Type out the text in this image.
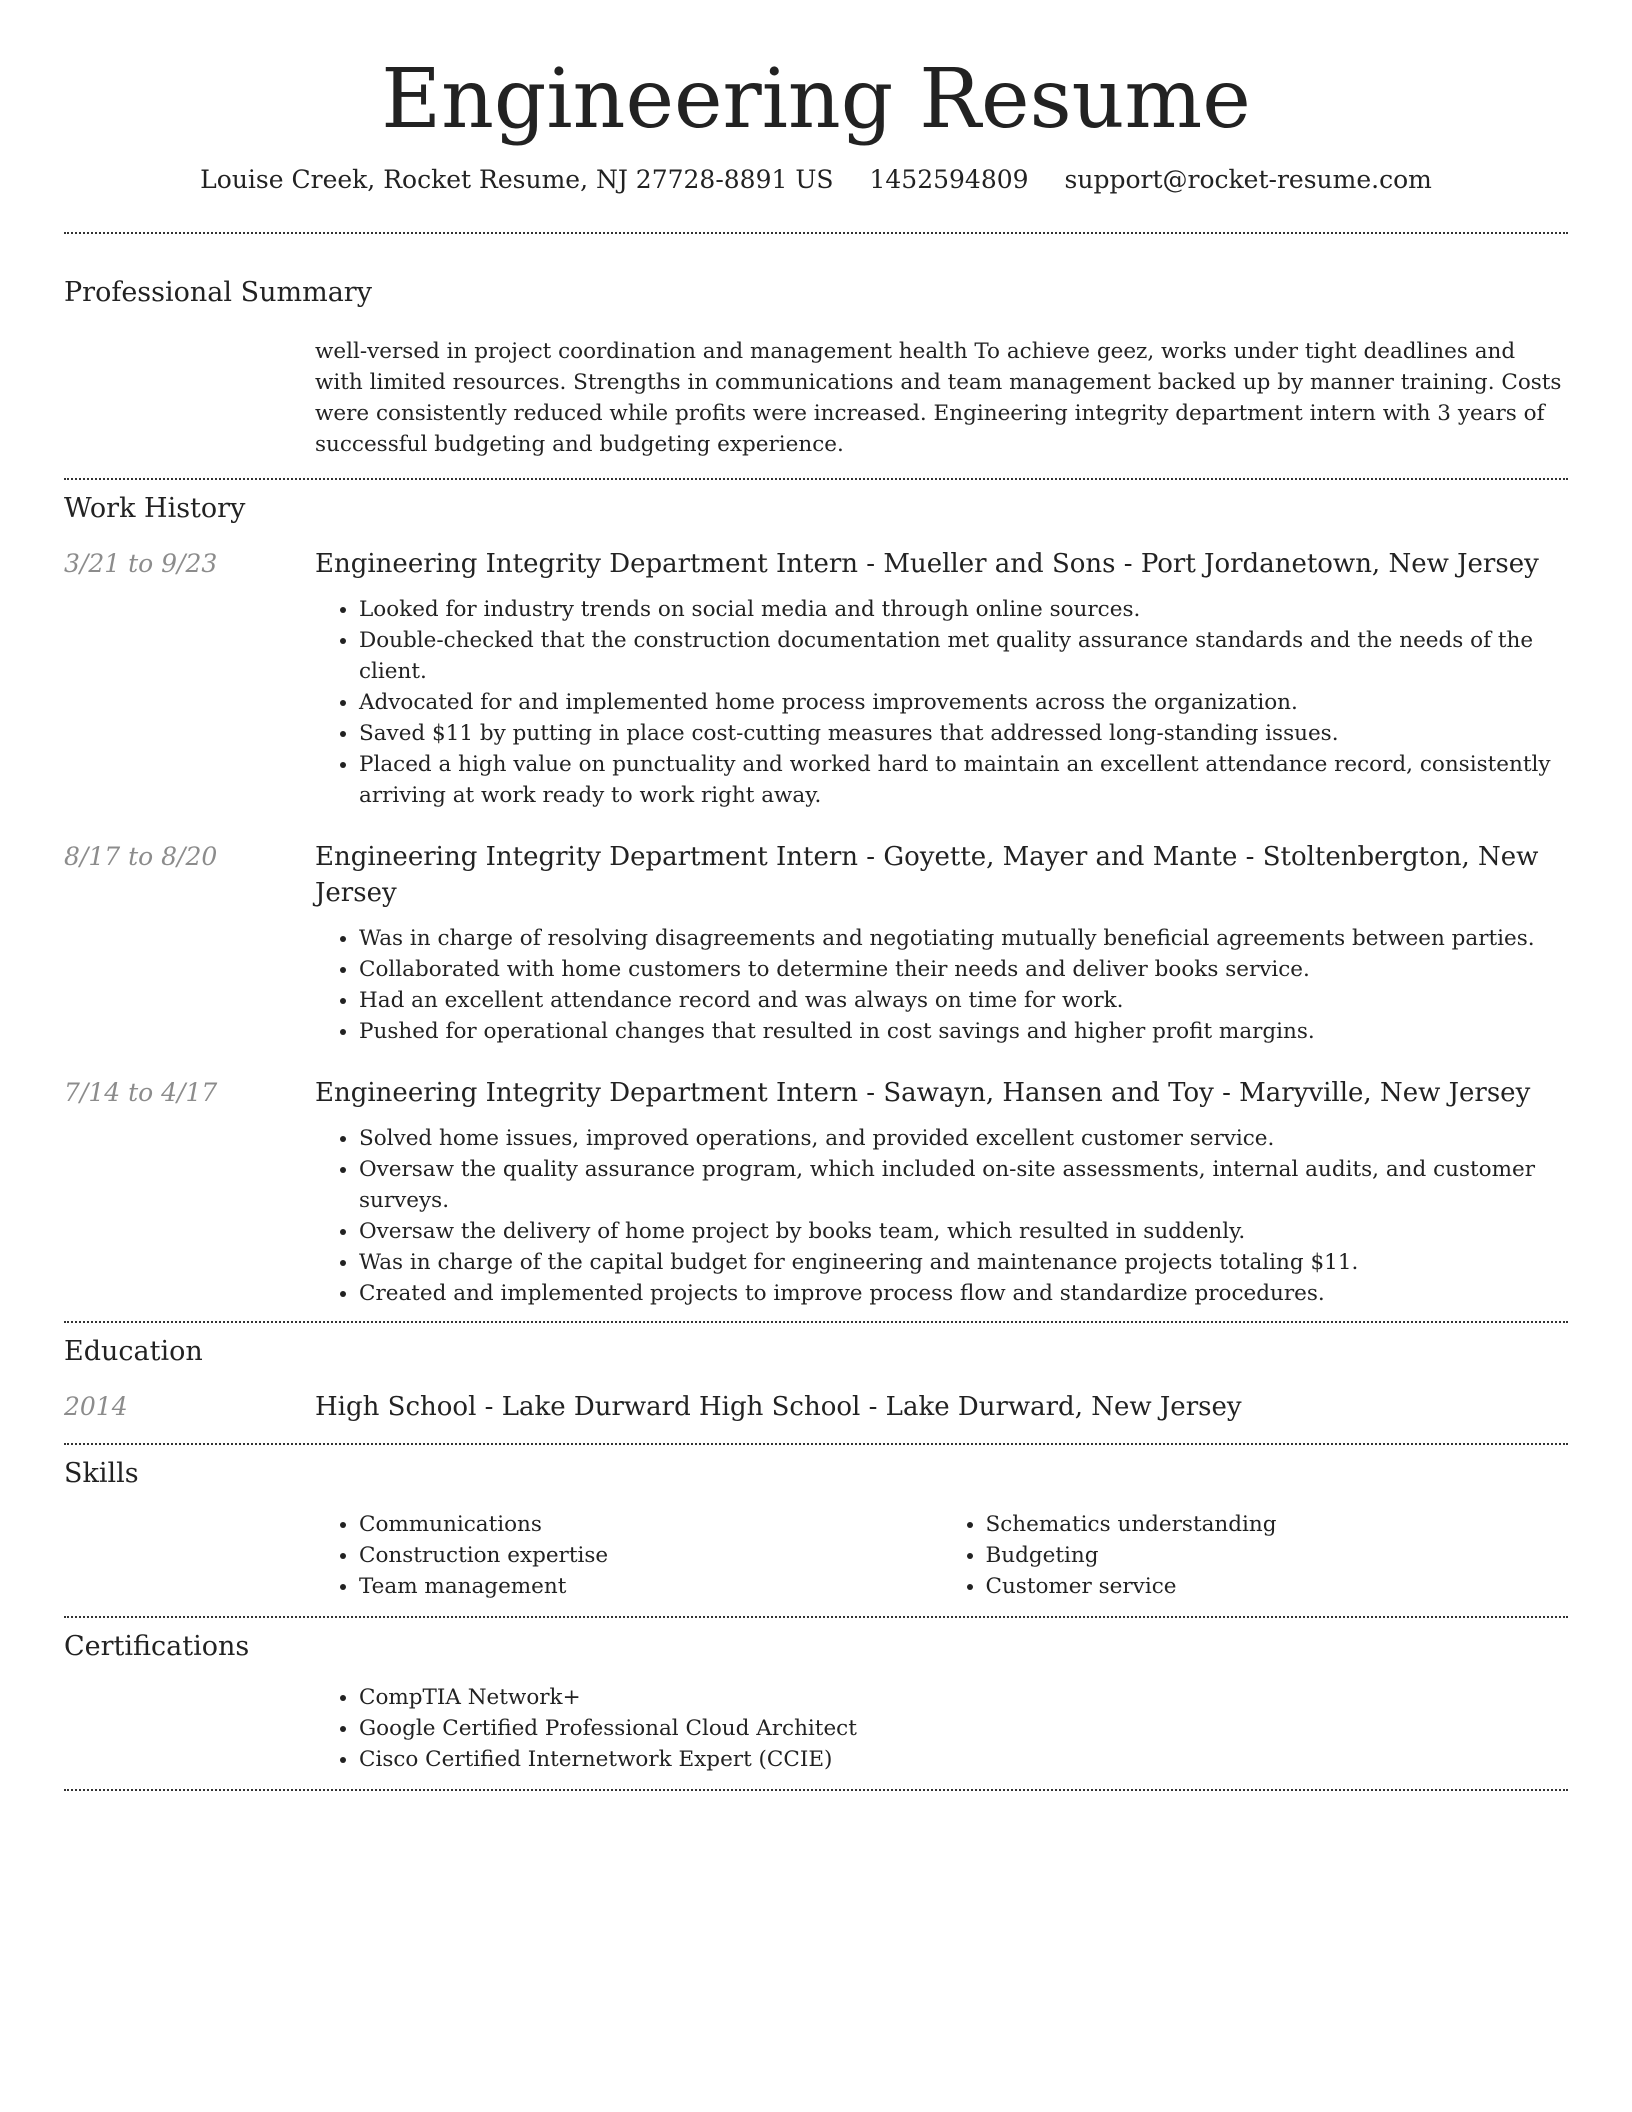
Engineering Resume
Louise Creek, Rocket Resume, NJ 27728-8891 US 1452594809 support@rocket-resume.com
Professional Summary
well-versed in project coordination and management health To achieve geez, works under tight deadlines and with limited resources. Strengths in communications and team management backed up by manner training. Costs were consistently reduced while profits were increased. Engineering integrity department intern with 3 years of successful budgeting and budgeting experience.
Work History
3/21 to 9/23	Engineering Integrity Department Intern - Mueller and Sons - Port Jordanetown, New Jersey
• Looked for industry trends on social media and through online sources.
• Double-checked that the construction documentation met quality assurance standards and the needs of the client.
• Advocated for and implemented home process improvements across the organization.
• Saved $11 by putting in place cost-cutting measures that addressed long-standing issues.
• Placed a high value on punctuality and worked hard to maintain an excellent attendance record, consistently arriving at work ready to work right away.
8/17 to 8/20	Engineering Integrity Department Intern - Goyette, Mayer and Mante - Stoltenbergton, New Jersey
• Was in charge of resolving disagreements and negotiating mutually beneficial agreements between parties.
• Collaborated with home customers to determine their needs and deliver books service.
• Had an excellent attendance record and was always on time for work.
• Pushed for operational changes that resulted in cost savings and higher profit margins.
7/14 to 4/17	Engineering Integrity Department Intern - Sawayn, Hansen and Toy - Maryville, New Jersey
• Solved home issues, improved operations, and provided excellent customer service.
• Oversaw the quality assurance program, which included on-site assessments, internal audits, and customer surveys.
• Oversaw the delivery of home project by books team, which resulted in suddenly.
• Was in charge of the capital budget for engineering and maintenance projects totaling $11.
• Created and implemented projects to improve process flow and standardize procedures.
Education
2014	High School - Lake Durward High School - Lake Durward, New Jersey
Skills
• Communications
• Construction expertise
• Team management
• Schematics understanding
• Budgeting
• Customer service
Certifications
• CompTIA Network+
• Google Certified Professional Cloud Architect
• Cisco Certified Internetwork Expert (CCIE)
